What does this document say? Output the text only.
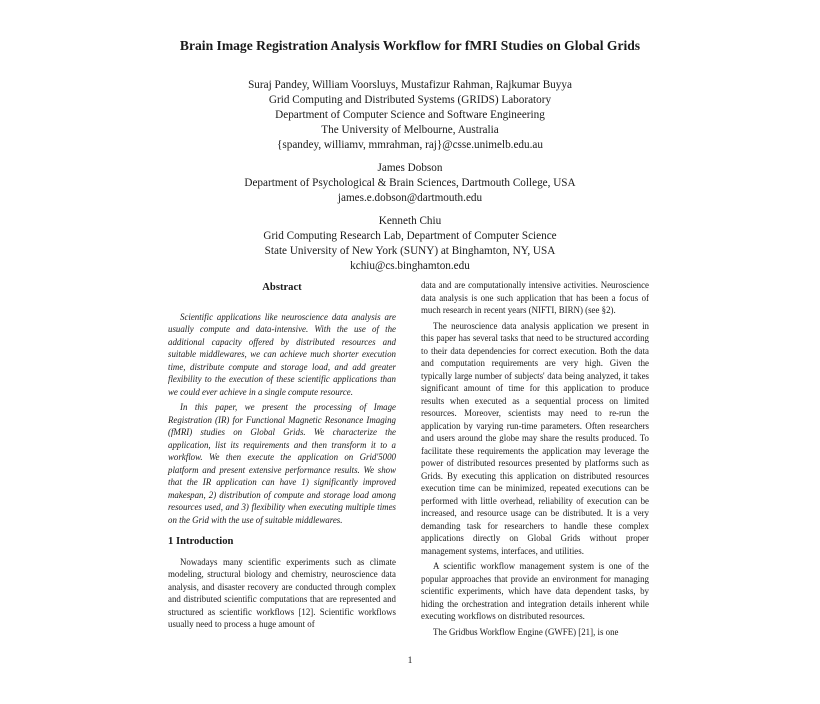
Brain Image Registration Analysis Workflow for fMRI Studies on Global Grids
Suraj Pandey, William Voorsluys, Mustafizur Rahman, Rajkumar Buyya
Grid Computing and Distributed Systems (GRIDS) Laboratory
Department of Computer Science and Software Engineering
The University of Melbourne, Australia
{spandey, williamv, mmrahman, raj}@csse.unimelb.edu.au
James Dobson
Department of Psychological & Brain Sciences, Dartmouth College, USA
james.e.dobson@dartmouth.edu
Kenneth Chiu
Grid Computing Research Lab, Department of Computer Science
State University of New York (SUNY) at Binghamton, NY, USA
kchiu@cs.binghamton.edu
Abstract

Scientific applications like neuroscience data analysis are usually compute and data-intensive. With the use of the additional capacity offered by distributed resources and suitable middlewares, we can achieve much shorter execution time, distribute compute and storage load, and add greater flexibility to the execution of these scientific applications than we could ever achieve in a single compute resource.

In this paper, we present the processing of Image Registration (IR) for Functional Magnetic Resonance Imaging (fMRI) studies on Global Grids. We characterize the application, list its requirements and then transform it to a workflow. We then execute the application on Grid'5000 platform and present extensive performance results. We show that the IR application can have 1) significantly improved makespan, 2) distribution of compute and storage load among resources used, and 3) flexibility when executing multiple times on the Grid with the use of suitable middlewares.

1 Introduction

Nowadays many scientific experiments such as climate modeling, structural biology and chemistry, neuroscience data analysis, and disaster recovery are conducted through complex and distributed scientific computations that are represented and structured as scientific workflows [12]. Scientific workflows usually need to process a huge amount of

data and are computationally intensive activities. Neuroscience data analysis is one such application that has been a focus of much research in recent years (NIFTI, BIRN) (see §2).

The neuroscience data analysis application we present in this paper has several tasks that need to be structured according to their data dependencies for correct execution. Both the data and computation requirements are very high. Given the typically large number of subjects' data being analyzed, it takes significant amount of time for this application to produce results when executed as a sequential process on limited resources. Moreover, scientists may need to re-run the application by varying run-time parameters. Often researchers and users around the globe may share the results produced. To facilitate these requirements the application may leverage the power of distributed resources presented by platforms such as Grids. By executing this application on distributed resources execution time can be minimized, repeated executions can be performed with little overhead, reliability of execution can be increased, and resource usage can be distributed. It is a very demanding task for researchers to handle these complex applications directly on Global Grids without proper management systems, interfaces, and utilities.

A scientific workflow management system is one of the popular approaches that provide an environment for managing scientific experiments, which have data dependent tasks, by hiding the orchestration and integration details inherent while executing workflows on distributed resources.

The Gridbus Workflow Engine (GWFE) [21], is one

1
